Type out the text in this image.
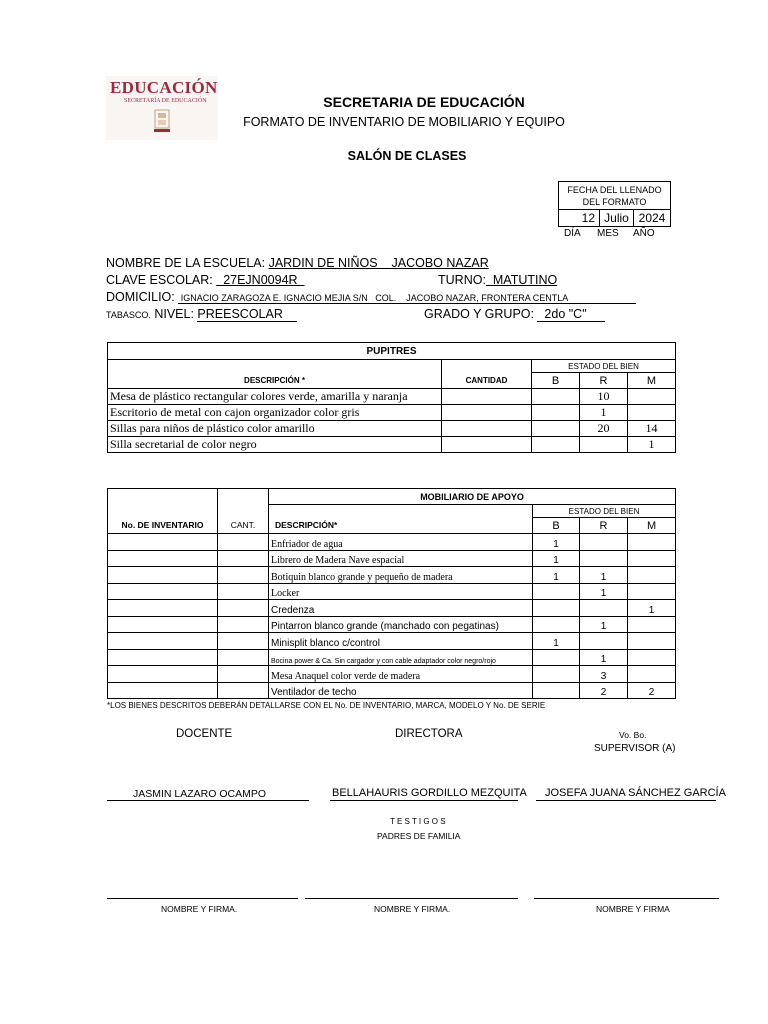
EDUCACIÓN
SECRETARÍA DE EDUCACIÓN	SECRETARIA DE EDUCACIÓN
FORMATO DE INVENTARIO DE MOBILIARIO Y EQUIPO
SALÓN DE CLASES
FECHA DEL LLENADO
DEL FORMATO
12	Julio	2024
DÍA MES AÑO
NOMBRE DE LA ESCUELA: JARDIN DE NIÑOS    JACOBO NAZAR
CLAVE ESCOLAR:   27EJN0094R	TURNO:  MATUTINO
DOMICILIO:  IGNACIO ZARAGOZA E. IGNACIO MEJIA S/N   COL.    JACOBO NAZAR, FRONTERA CENTLA
TABASCO. NIVEL: PREESCOLAR	GRADO Y GRUPO:   2do "C"
PUPITRES				
		ESTADO DEL BIEN		
DESCRIPCIÓN *	CANTIDAD	B	R	M
Mesa de plástico rectangular colores verde, amarilla y naranja			10	
Escritorio de metal con cajon organizador color gris			1	
Sillas para niños de plástico color amarillo			20	14
Silla secretarial de color negro				1
		MOBILIARIO DE APOYO			
			ESTADO DEL BIEN		
No. DE INVENTARIO	CANT.	DESCRIPCIÓN*	B	R	M
		Enfriador de agua	1		
		Librero de Madera Nave espacial	1		
		Botiquin blanco grande y pequeño de madera	1	1	
		Locker		1	
		Credenza			1
		Pintarron blanco grande (manchado con pegatinas)		1	
		Minisplit blanco c/control	1		
		Bocina power & Ca. Sin cargador y con cable adaptador color negro/rojo		1	
		Mesa Anaquel color verde de madera		3	
		Ventilador de techo		2	2
*LOS BIENES DESCRITOS DEBERÁN DETALLARSE CON EL No. DE INVENTARIO, MARCA, MODELO Y No. DE SERIE
DOCENTE	DIRECTORA	Vo. Bo.
SUPERVISOR (A)
JASMIN LAZARO OCAMPO	BELLAHAURIS GORDILLO MEZQUITA JOSEFA JUANA SÁNCHEZ GARCÍA
T E S T I G O S
PADRES DE FAMILIA
NOMBRE Y FIRMA.	NOMBRE Y FIRMA.	NOMBRE Y FIRMA
